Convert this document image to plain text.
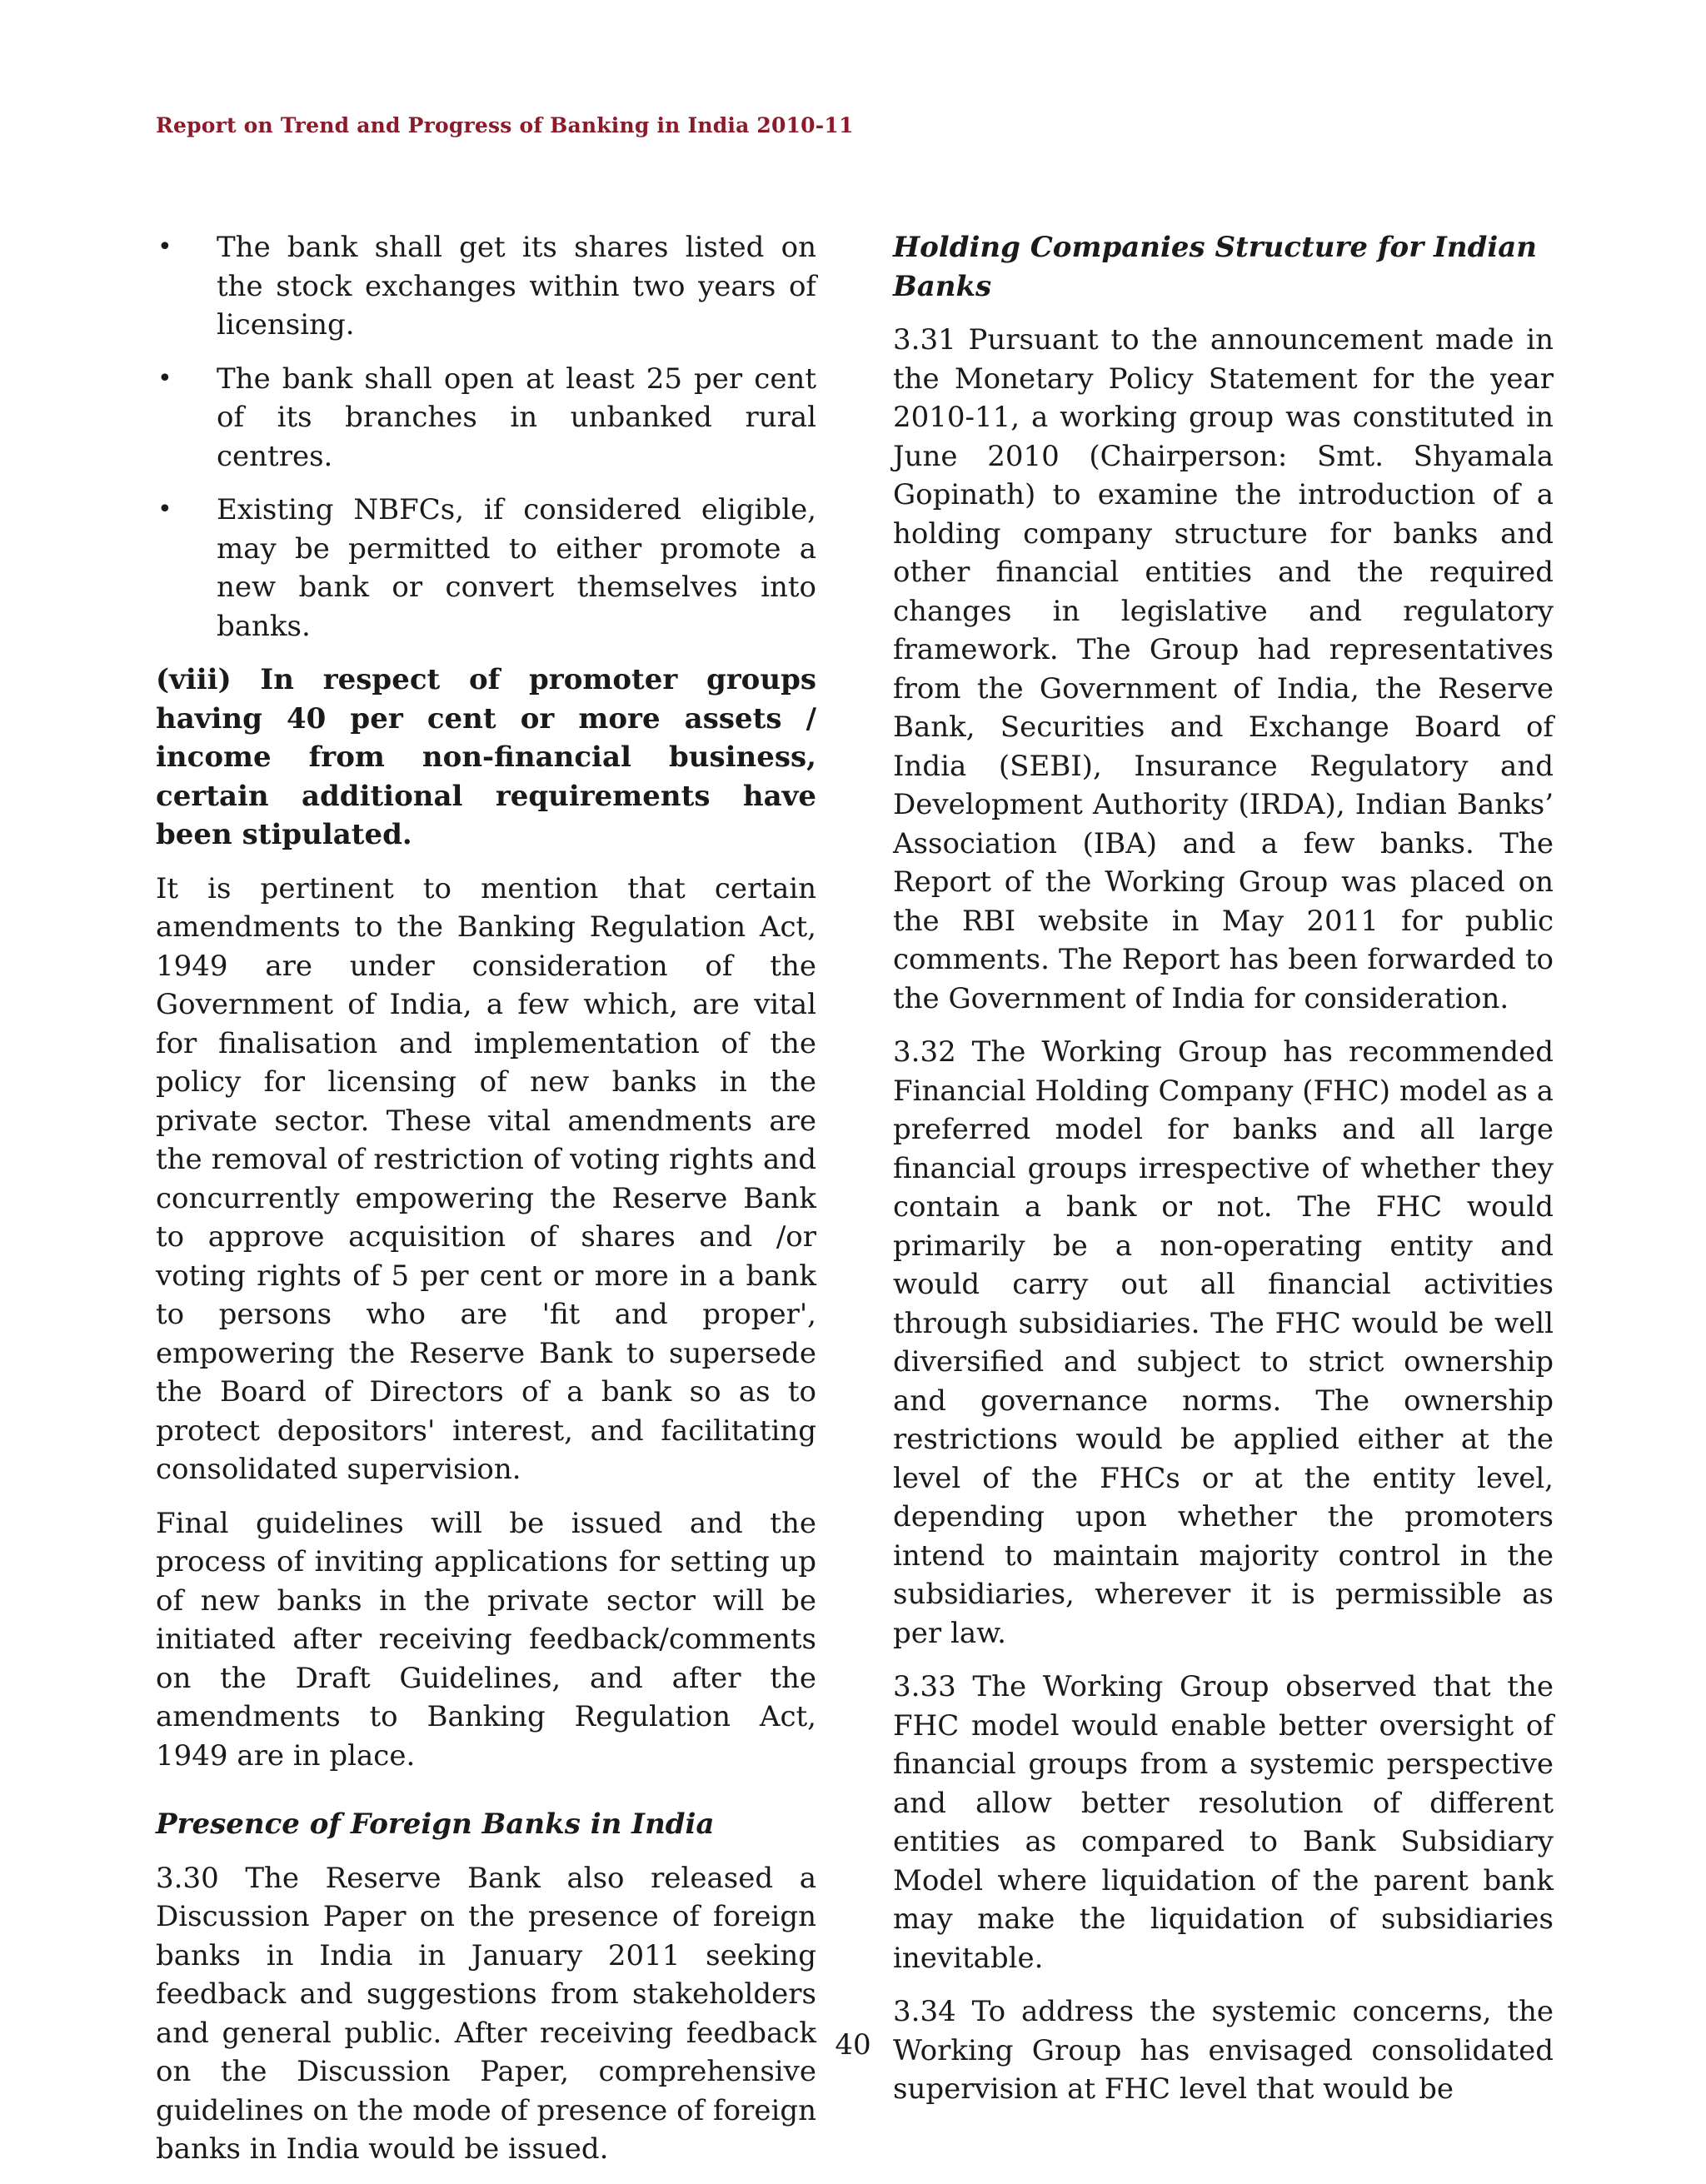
Report on Trend and Progress of Banking in India 2010-11
• The bank shall get its shares listed on the stock exchanges within two years of licensing.
• The bank shall open at least 25 per cent of its branches in unbanked rural centres.
• Existing NBFCs, if considered eligible, may be permitted to either promote a new bank or convert themselves into banks.
(viii) In respect of promoter groups having 40 per cent or more assets / income from non-financial business, certain additional requirements have been stipulated.

It is pertinent to mention that certain amendments to the Banking Regulation Act, 1949 are under consideration of the Government of India, a few which, are vital for finalisation and implementation of the policy for licensing of new banks in the private sector. These vital amendments are the removal of restriction of voting rights and concurrently empowering the Reserve Bank to approve acquisition of shares and /or voting rights of 5 per cent or more in a bank to persons who are 'fit and proper', empowering the Reserve Bank to supersede the Board of Directors of a bank so as to protect depositors' interest, and facilitating consolidated supervision.

Final guidelines will be issued and the process of inviting applications for setting up of new banks in the private sector will be initiated after receiving feedback/comments on the Draft Guidelines, and after the amendments to Banking Regulation Act, 1949 are in place.

Presence of Foreign Banks in India

3.30 The Reserve Bank also released a Discussion Paper on the presence of foreign banks in India in January 2011 seeking feedback and suggestions from stakeholders and general public. After receiving feedback on the Discussion Paper, comprehensive guidelines on the mode of presence of foreign banks in India would be issued.

Holding Companies Structure for Indian Banks

3.31 Pursuant to the announcement made in the Monetary Policy Statement for the year 2010-11, a working group was constituted in June 2010 (Chairperson: Smt. Shyamala Gopinath) to examine the introduction of a holding company structure for banks and other financial entities and the required changes in legislative and regulatory framework. The Group had representatives from the Government of India, the Reserve Bank, Securities and Exchange Board of India (SEBI), Insurance Regulatory and Development Authority (IRDA), Indian Banks’ Association (IBA) and a few banks. The Report of the Working Group was placed on the RBI website in May 2011 for public comments. The Report has been forwarded to the Government of India for consideration.

3.32 The Working Group has recommended Financial Holding Company (FHC) model as a preferred model for banks and all large financial groups irrespective of whether they contain a bank or not. The FHC would primarily be a non-operating entity and would carry out all financial activities through subsidiaries. The FHC would be well diversified and subject to strict ownership and governance norms. The ownership restrictions would be applied either at the level of the FHCs or at the entity level, depending upon whether the promoters intend to maintain majority control in the subsidiaries, wherever it is permissible as per law.

3.33 The Working Group observed that the FHC model would enable better oversight of financial groups from a systemic perspective and allow better resolution of different entities as compared to Bank Subsidiary Model where liquidation of the parent bank may make the liquidation of subsidiaries inevitable.

3.34 To address the systemic concerns, the Working Group has envisaged consolidated supervision at FHC level that would be

40
